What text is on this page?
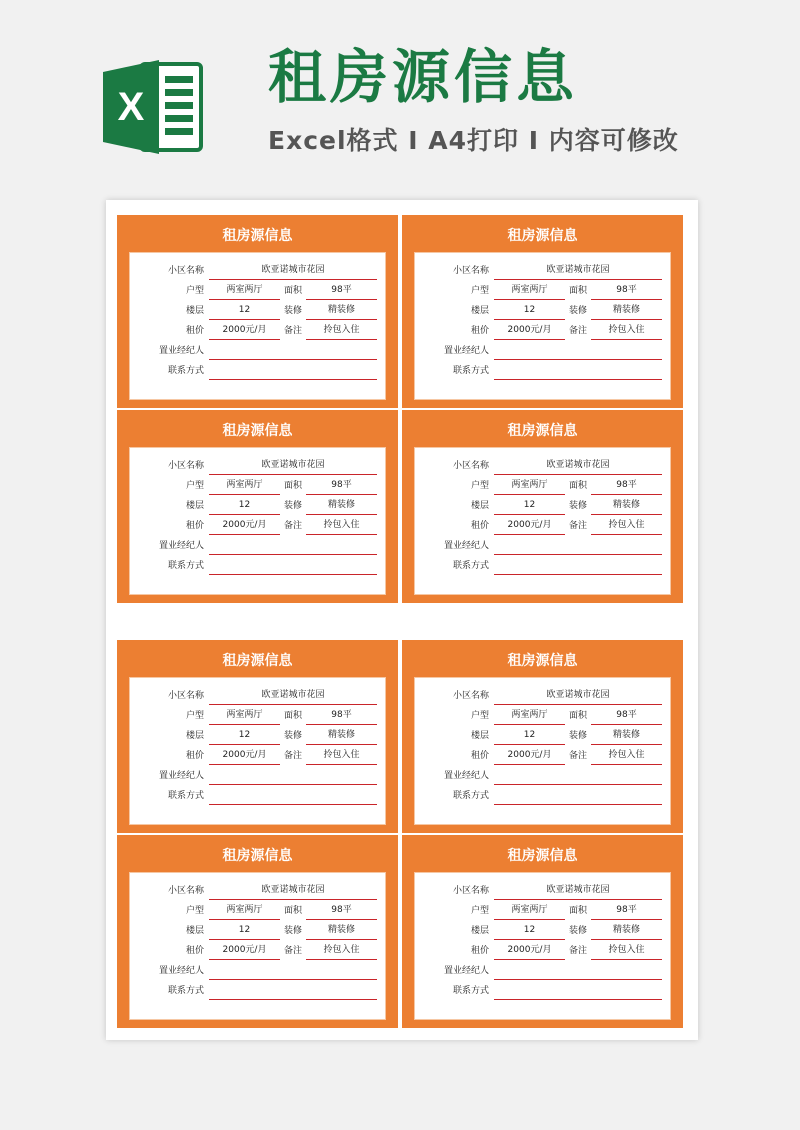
X 租房源信息
Excel格式 I A4打印 I 内容可修改
租房源信息
小区名称	欧亚诺城市花园
户型	两室两厅	面积	98平
楼层	12	装修	精装修
租价	2000元/月	备注	拎包入住
置业经纪人
联系方式
租房源信息
小区名称	欧亚诺城市花园
户型	两室两厅	面积	98平
楼层	12	装修	精装修
租价	2000元/月	备注	拎包入住
置业经纪人
联系方式
租房源信息
小区名称	欧亚诺城市花园
户型	两室两厅	面积	98平
楼层	12	装修	精装修
租价	2000元/月	备注	拎包入住
置业经纪人
联系方式
租房源信息
小区名称	欧亚诺城市花园
户型	两室两厅	面积	98平
楼层	12	装修	精装修
租价	2000元/月	备注	拎包入住
置业经纪人
联系方式
租房源信息
小区名称	欧亚诺城市花园
户型	两室两厅	面积	98平
楼层	12	装修	精装修
租价	2000元/月	备注	拎包入住
置业经纪人
联系方式
租房源信息
小区名称	欧亚诺城市花园
户型	两室两厅	面积	98平
楼层	12	装修	精装修
租价	2000元/月	备注	拎包入住
置业经纪人
联系方式
租房源信息
小区名称	欧亚诺城市花园
户型	两室两厅	面积	98平
楼层	12	装修	精装修
租价	2000元/月	备注	拎包入住
置业经纪人
联系方式
租房源信息
小区名称	欧亚诺城市花园
户型	两室两厅	面积	98平
楼层	12	装修	精装修
租价	2000元/月	备注	拎包入住
置业经纪人
联系方式
